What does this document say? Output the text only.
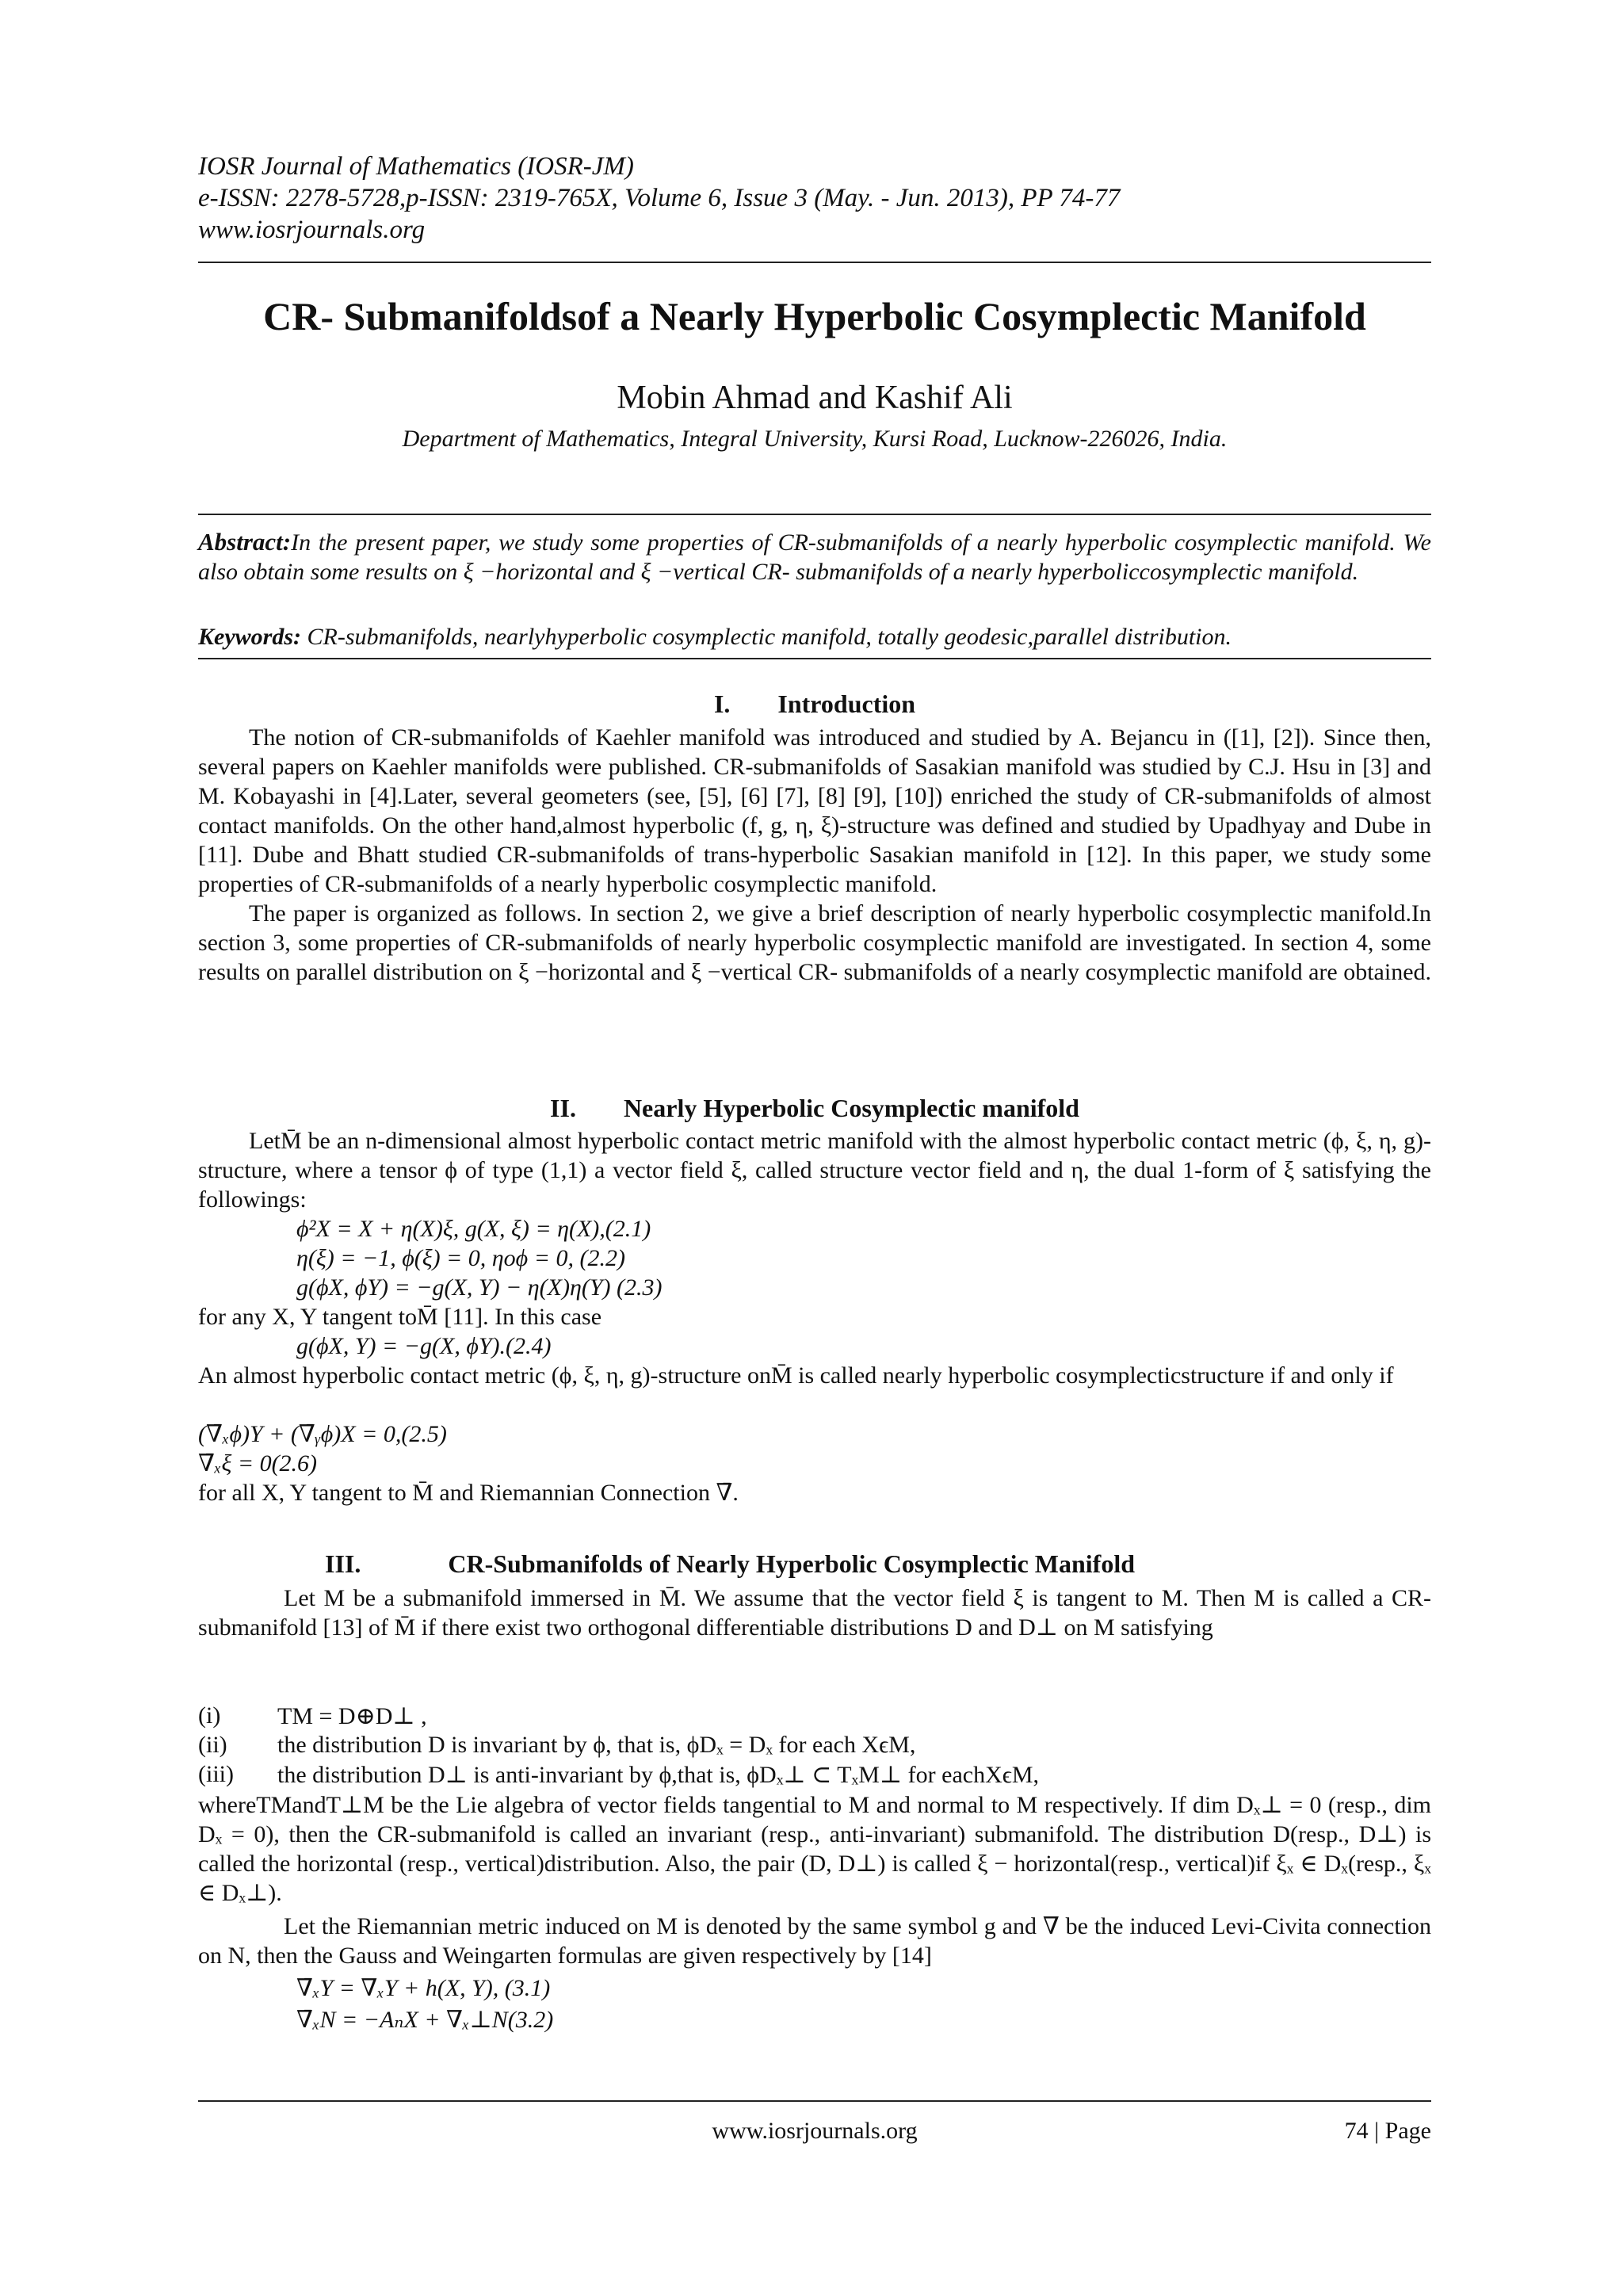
IOSR Journal of Mathematics (IOSR-JM)
e-ISSN: 2278-5728,p-ISSN: 2319-765X, Volume 6, Issue 3 (May. - Jun. 2013), PP 74-77
www.iosrjournals.org
CR- Submanifoldsof a Nearly Hyperbolic Cosymplectic Manifold
Mobin Ahmad and Kashif Ali
Department of Mathematics, Integral University, Kursi Road, Lucknow-226026, India.
Abstract:In the present paper, we study some properties of CR-submanifolds of a nearly hyperbolic cosymplectic manifold. We also obtain some results on ξ −horizontal and ξ −vertical CR- submanifolds of a nearly hyperboliccosymplectic manifold.
Keywords: CR-submanifolds, nearlyhyperbolic cosymplectic manifold, totally geodesic,parallel distribution.
I. Introduction

The notion of CR-submanifolds of Kaehler manifold was introduced and studied by A. Bejancu in ([1], [2]). Since then, several papers on Kaehler manifolds were published. CR-submanifolds of Sasakian manifold was studied by C.J. Hsu in [3] and M. Kobayashi in [4].Later, several geometers (see, [5], [6] [7], [8] [9], [10]) enriched the study of CR-submanifolds of almost contact manifolds. On the other hand,almost hyperbolic (f, g, η, ξ)-structure was defined and studied by Upadhyay and Dube in [11]. Dube and Bhatt studied CR-submanifolds of trans-hyperbolic Sasakian manifold in [12]. In this paper, we study some properties of CR-submanifolds of a nearly hyperbolic cosymplectic manifold.

The paper is organized as follows. In section 2, we give a brief description of nearly hyperbolic cosymplectic manifold.In section 3, some properties of CR-submanifolds of nearly hyperbolic cosymplectic manifold are investigated. In section 4, some results on parallel distribution on ξ −horizontal and ξ −vertical CR- submanifolds of a nearly cosymplectic manifold are obtained.

II. Nearly Hyperbolic Cosymplectic manifold

LetM̄ be an n-dimensional almost hyperbolic contact metric manifold with the almost hyperbolic contact metric (ϕ, ξ, η, g)- structure, where a tensor ϕ of type (1,1) a vector field ξ, called structure vector field and η, the dual 1-form of ξ satisfying the followings:

ϕ²X = X + η(X)ξ, g(X, ξ) = η(X),(2.1)
η(ξ) = −1, ϕ(ξ) = 0, ηoϕ = 0, (2.2)
g(ϕX, ϕY) = −g(X, Y) − η(X)η(Y) (2.3)
for any X, Y tangent toM̄ [11]. In this case
g(ϕX, Y) = −g(X, ϕY).(2.4)

An almost hyperbolic contact metric (ϕ, ξ, η, g)-structure onM̄ is called nearly hyperbolic cosymplecticstructure if and only if

(∇̄ₓϕ)Y + (∇̄ᵧϕ)X = 0,(2.5)
∇̄ₓξ = 0(2.6)
for all X, Y tangent to M̄ and Riemannian Connection ∇̄.
III.	CR-Submanifolds of Nearly Hyperbolic Cosymplectic Manifold

Let M be a submanifold immersed in M̄. We assume that the vector field ξ is tangent to M. Then M is called a CR-submanifold [13] of M̄ if there exist two orthogonal differentiable distributions D and D⊥ on M satisfying

(i) TM = D⊕D⊥ ,
(ii) the distribution D is invariant by ϕ, that is, ϕDₓ = Dₓ for each XϵM,
(iii) the distribution D⊥ is anti-invariant by ϕ,that is, ϕDₓ⊥ ⊂ TₓM⊥ for eachXϵM,

whereTMandT⊥M be the Lie algebra of vector fields tangential to M and normal to M respectively. If dim Dₓ⊥ = 0 (resp., dim Dₓ = 0), then the CR-submanifold is called an invariant (resp., anti-invariant) submanifold. The distribution D(resp., D⊥) is called the horizontal (resp., vertical)distribution. Also, the pair (D, D⊥) is called ξ − horizontal(resp., vertical)if ξₓ ∈ Dₓ(resp., ξₓ ∈ Dₓ⊥).

Let the Riemannian metric induced on M is denoted by the same symbol g and ∇ be the induced Levi-Civita connection on N, then the Gauss and Weingarten formulas are given respectively by [14]

∇̄ₓY = ∇ₓY + h(X, Y), (3.1)
∇̄ₓN = −AₙX + ∇ₓ⊥N(3.2)
www.iosrjournals.org	74 | Page
